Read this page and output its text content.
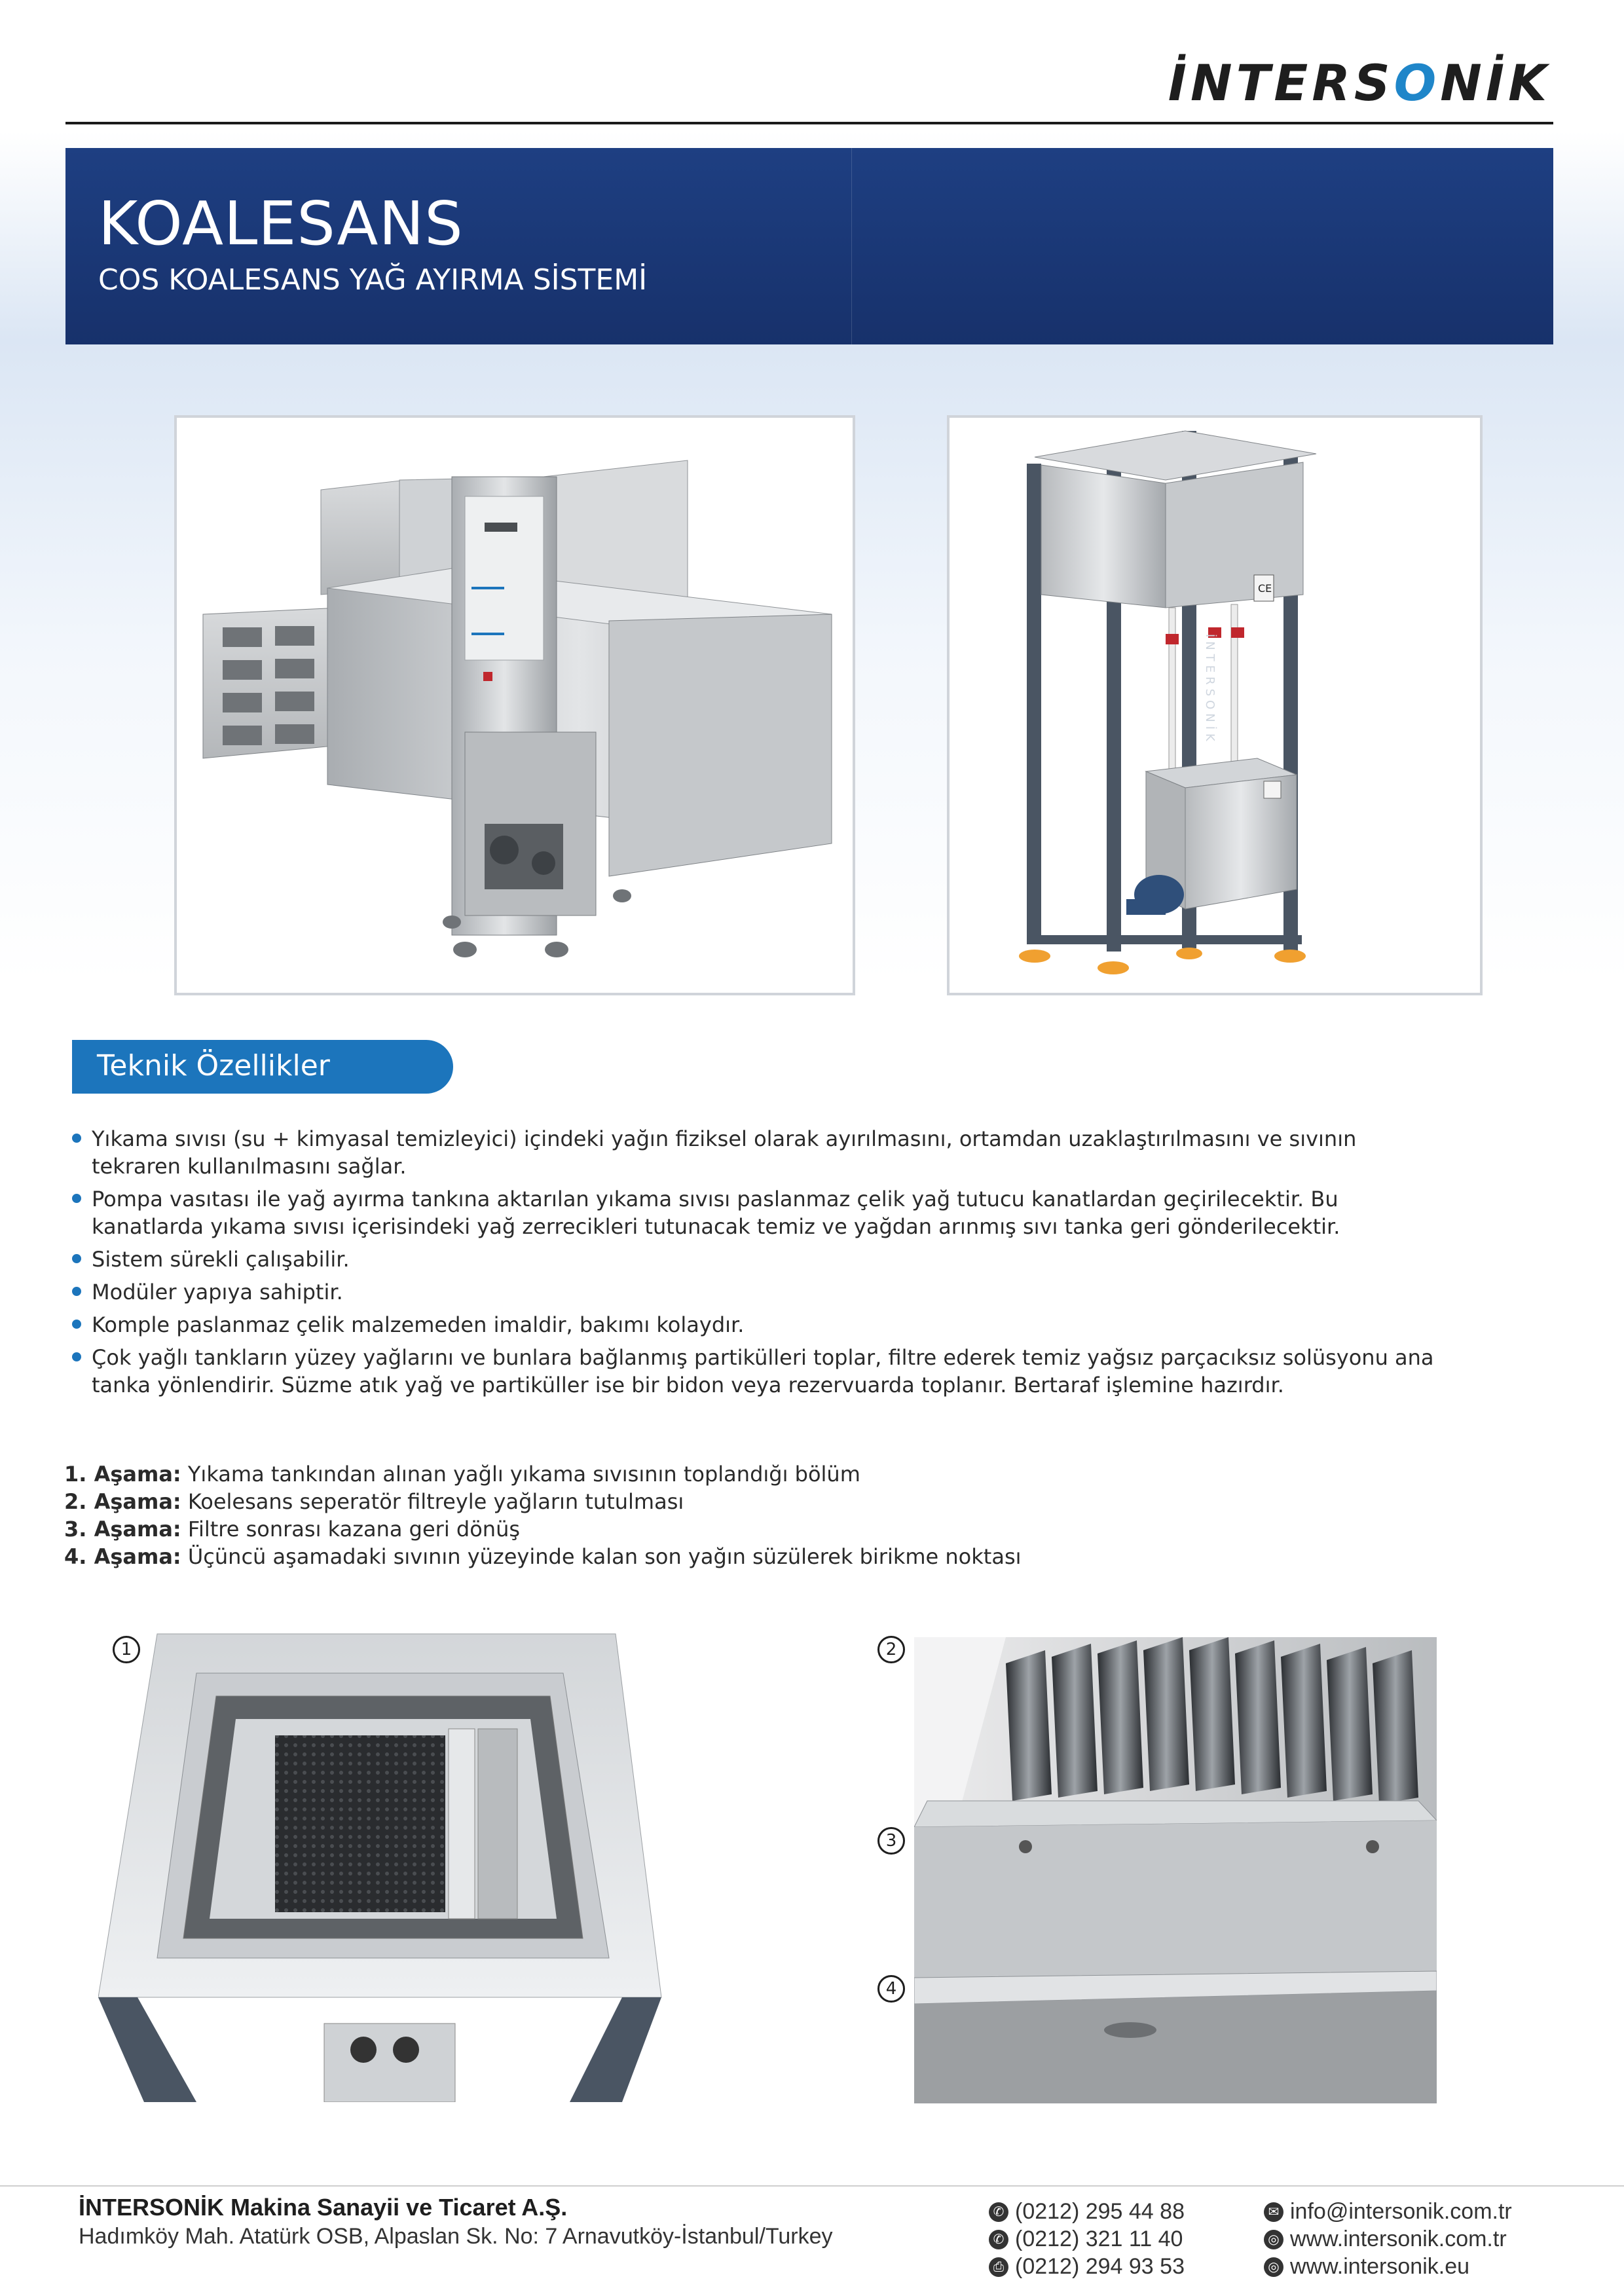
İNTERSONİK
KOALESANS
COS KOALESANS YAĞ AYIRMA SİSTEMİ
CE
İNTERSONİK
Teknik Özellikler
Yıkama sıvısı (su + kimyasal temizleyici) içindeki yağın fiziksel olarak ayırılmasını, ortamdan uzaklaştırılmasını ve sıvının tekraren kullanılmasını sağlar.
Pompa vasıtası ile yağ ayırma tankına aktarılan yıkama sıvısı paslanmaz çelik yağ tutucu kanatlardan geçirilecektir. Bu kanatlarda yıkama sıvısı içerisindeki yağ zerrecikleri tutunacak temiz ve yağdan arınmış sıvı tanka geri gönderilecektir.
Sistem sürekli çalışabilir.
Modüler yapıya sahiptir.
Komple paslanmaz çelik malzemeden imaldir, bakımı kolaydır.
Çok yağlı tankların yüzey yağlarını ve bunlara bağlanmış partikülleri toplar, filtre ederek temiz yağsız parçacıksız solüsyonu ana tanka yönlendirir. Süzme atık yağ ve partiküller ise bir bidon veya rezervuarda toplanır. Bertaraf işlemine hazırdır.
1. Aşama: Yıkama tankından alınan yağlı yıkama sıvısının toplandığı bölüm
2. Aşama: Koelesans seperatör filtreyle yağların tutulması
3. Aşama: Filtre sonrası kazana geri dönüş
4. Aşama: Üçüncü aşamadaki sıvının yüzeyinde kalan son yağın süzülerek birikme noktası
1	2
3
4
İNTERSONİK Makina Sanayii ve Ticaret A.Ş.
Hadımköy Mah. Atatürk OSB, Alpaslan Sk. No: 7 Arnavutköy-İstanbul/Turkey
✆ (0212) 295 44 88
✆ (0212) 321 11 40
⎙ (0212) 294 93 53
✉ info@intersonik.com.tr
◎ www.intersonik.com.tr
◎ www.intersonik.eu
